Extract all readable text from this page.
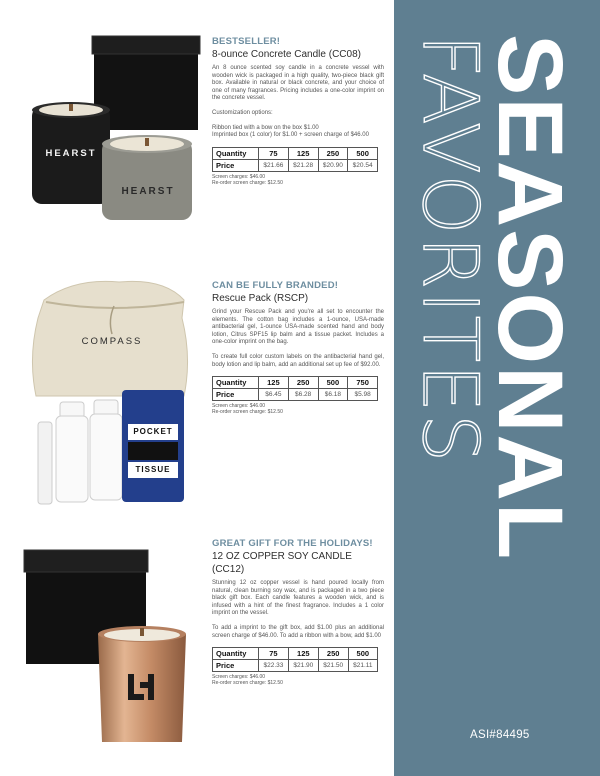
SEASONAL
FAVORITES
ASI#84495
HEARST
HEARST
BESTSELLER!
8-ounce Concrete Candle (CC08)

An 8 ounce scented soy candle in a concrete vessel with wooden wick is packaged in a high quality, two-piece black gift box. Available in natural or black concrete, and your choice of one of many fragrances. Pricing includes a one-color imprint on the concrete vessel.

Customization options:

Ribbon tied with a bow on the box $1.00
Imprinted box (1 color) for $1.00 + screen charge of $46.00

Quantity	75	125	250	500
Price	$21.66	$21.28	$20.90	$20.54
Screen charges: $46.00
Re-order screen charge: $12.50
COMPASS
POCKET
TISSUE
CAN BE FULLY BRANDED!
Rescue Pack (RSCP)

Grind your Rescue Pack and you're all set to encounter the elements. The cotton bag includes a 1-ounce, USA-made antibacterial gel, 1-ounce USA-made scented hand and body lotion, Citrus SPF15 lip balm and a tissue packet. Includes a one-color imprint on the bag.

To create full color custom labels on the antibacterial hand gel, body lotion and lip balm, add an additional set up fee of $92.00.

Quantity	125	250	500	750
Price	$6.45	$6.28	$6.18	$5.98
Screen charges: $46.00
Re-order screen charge: $12.50
GREAT GIFT FOR THE HOLIDAYS!
12 OZ COPPER SOY CANDLE (CC12)

Stunning 12 oz copper vessel is hand poured locally from natural, clean burning soy wax, and is packaged in a two piece black gift box. Each candle features a wooden wick, and is infused with a hint of the finest fragrance. Includes a 1 color imprint on the vessel.

To add a imprint to the gift box, add $1.00 plus an additional screen charge of $46.00. To add a ribbon with a bow, add $1.00

Quantity	75	125	250	500
Price	$22.33	$21.90	$21.50	$21.11
Screen charges: $46.00
Re-order screen charge: $12.50
